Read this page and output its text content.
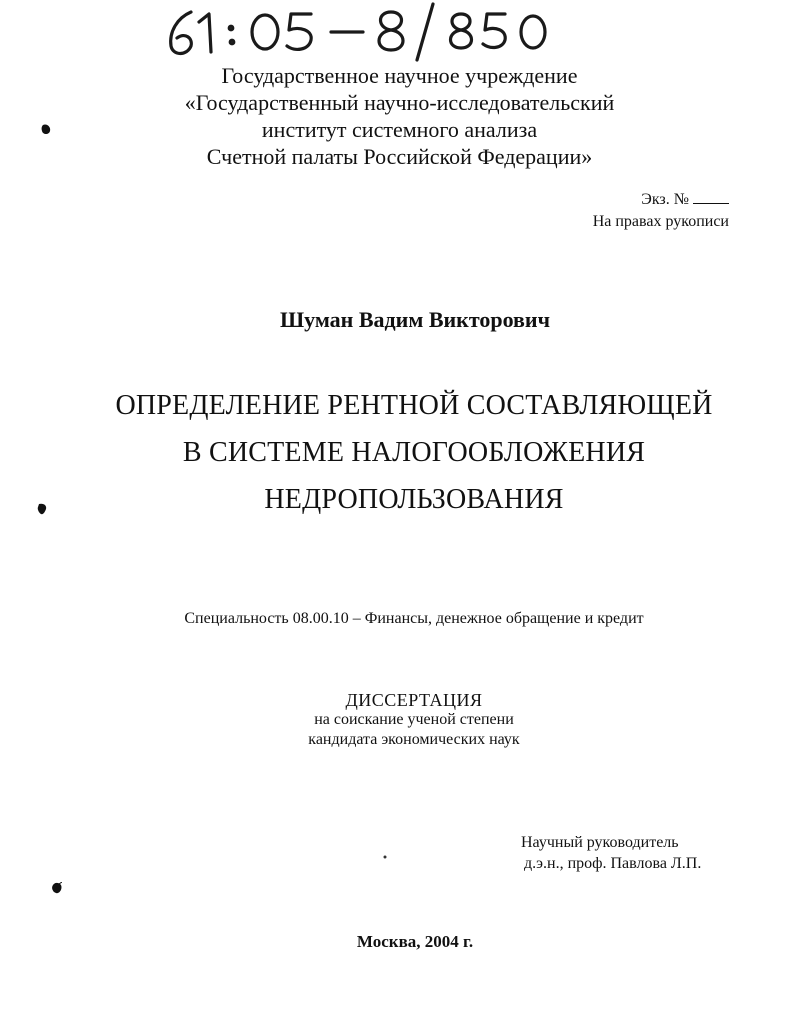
Государственное научное учреждение
«Государственный научно-исследовательский
институт системного анализа
Счетной палаты Российской Федерации»
Экз. №
На правах рукописи
Шуман Вадим Викторович
ОПРЕДЕЛЕНИЕ РЕНТНОЙ СОСТАВЛЯЮЩЕЙ
В СИСТЕМЕ НАЛОГООБЛОЖЕНИЯ
НЕДРОПОЛЬЗОВАНИЯ
Специальность 08.00.10 – Финансы, денежное обращение и кредит
ДИССЕРТАЦИЯ
на соискание ученой степени
кандидата экономических наук
Научный руководитель
д.э.н., проф. Павлова Л.П.
Москва, 2004 г.
